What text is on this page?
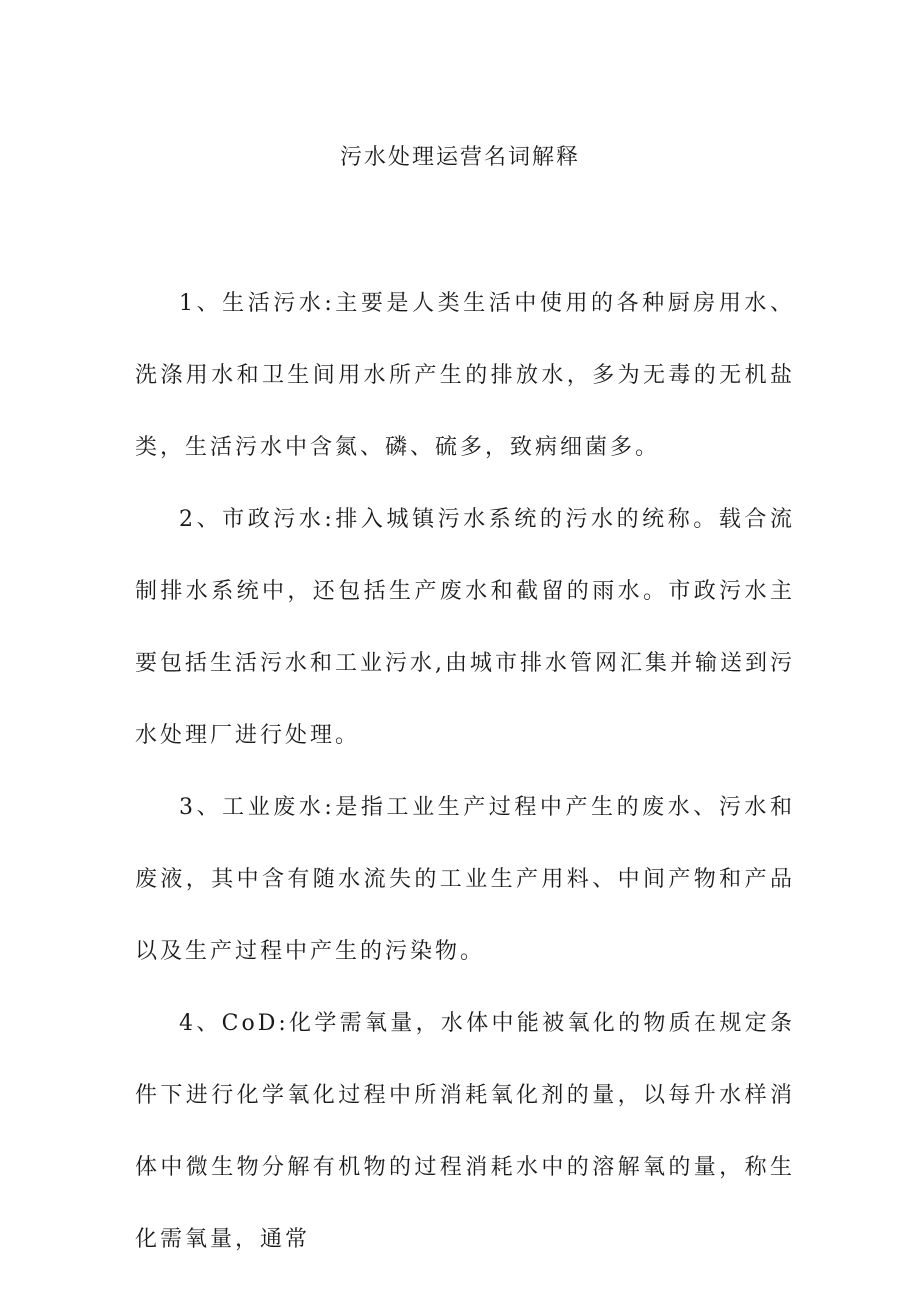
污水处理运营名词解释

1、生活污水:主要是人类生活中使用的各种厨房用水、洗涤用水和卫生间用水所产生的排放水，多为无毒的无机盐类，生活污水中含氮、磷、硫多，致病细菌多。

2、市政污水:排入城镇污水系统的污水的统称。载合流制排水系统中，还包括生产废水和截留的雨水。市政污水主要包括生活污水和工业污水,由城市排水管网汇集并输送到污水处理厂进行处理。

3、工业废水:是指工业生产过程中产生的废水、污水和废液，其中含有随水流失的工业生产用料、中间产物和产品以及生产过程中产生的污染物。

4、CoD:化学需氧量，水体中能被氧化的物质在规定条件下进行化学氧化过程中所消耗氧化剂的量，以每升水样消体中微生物分解有机物的过程消耗水中的溶解氧的量，称生化需氧量，通常
